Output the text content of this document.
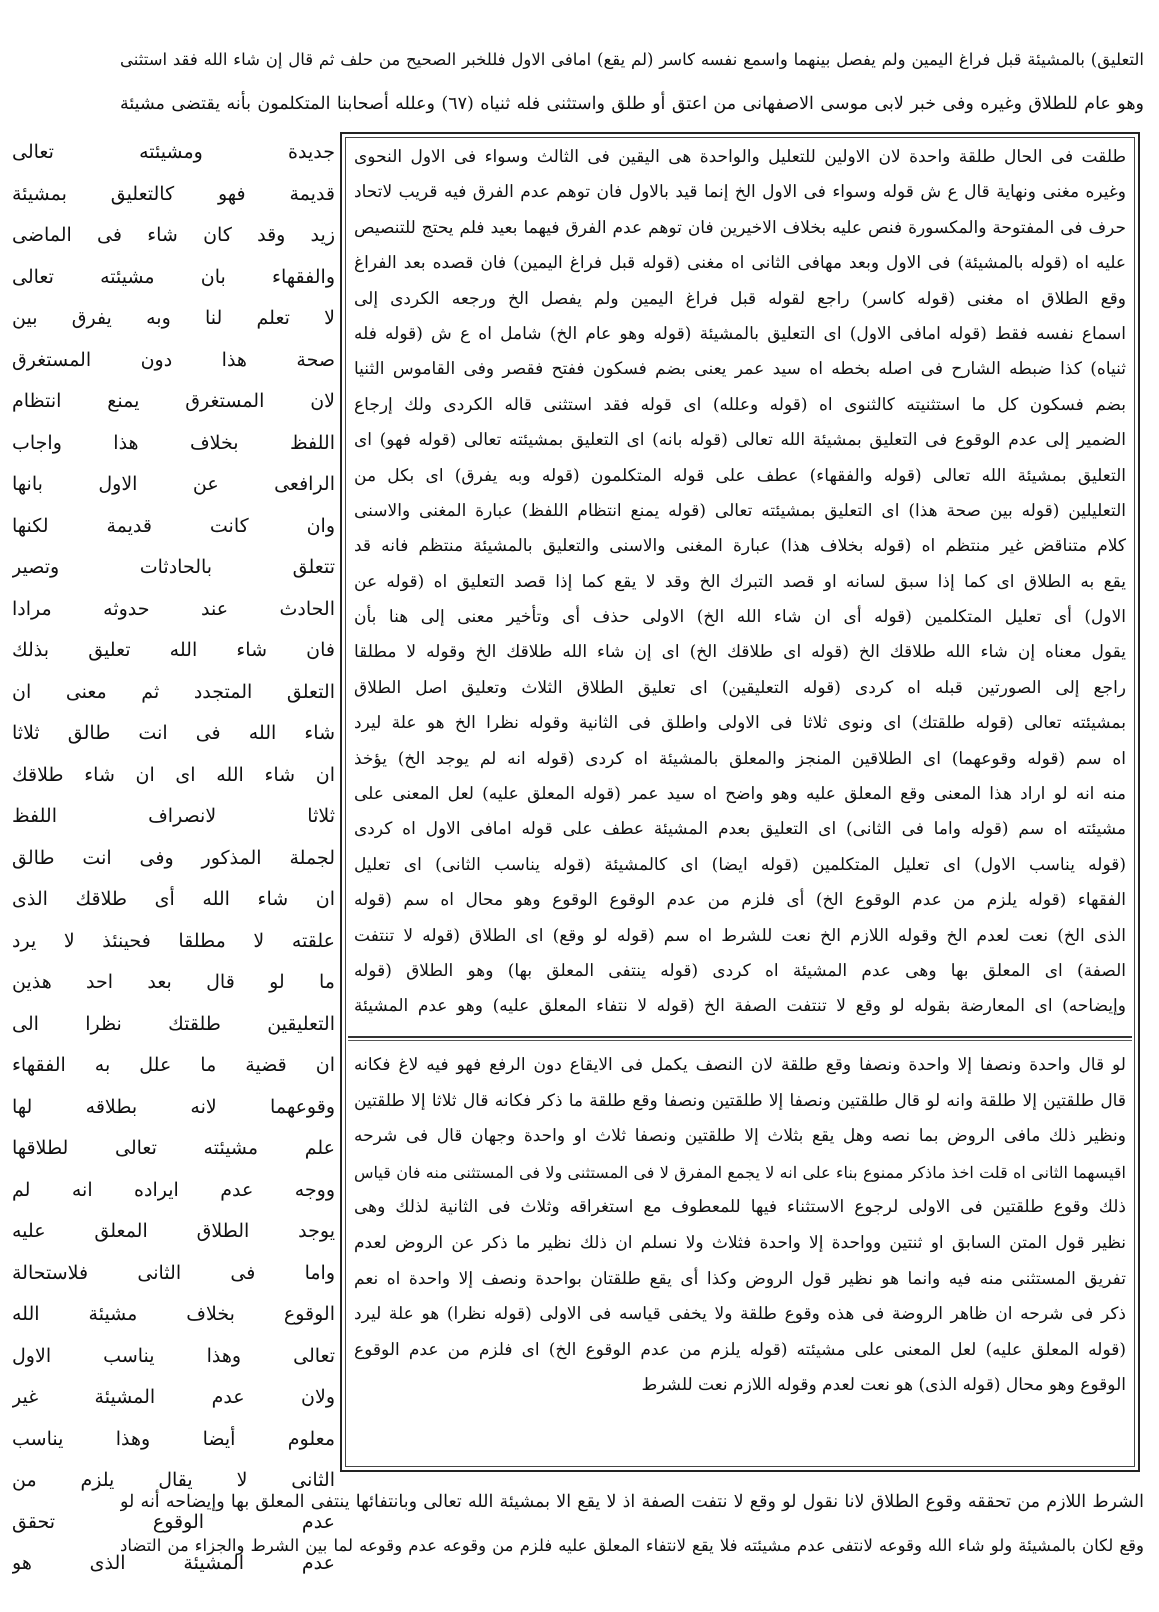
التعليق) بالمشيئة قبل فراغ اليمين ولم يفصل بينهما واسمع نفسه كاسر (لم يقع) امافى الاول فللخبر الصحيح من حلف ثم قال إن شاء الله فقد استثنى
وهو عام للطلاق وغيره وفى خبر لابى موسى الاصفهانى من اعتق أو طلق واستثنى فله ثنياه (٦٧) وعلله أصحابنا المتكلمون بأنه يقتضى مشيئة
جديدة ومشيئته تعالى
قديمة فهو كالتعليق بمشيئة
زيد وقد كان شاء فى الماضى
والفقهاء بان مشيئته تعالى
لا تعلم لنا وبه يفرق بين
صحة هذا دون المستغرق
لان المستغرق يمنع انتظام
اللفظ بخلاف هذا واجاب
الرافعى عن الاول بانها
وان كانت قديمة لكنها
تتعلق بالحادثات وتصير
الحادث عند حدوثه مرادا
فان شاء الله تعليق بذلك
التعلق المتجدد ثم معنى ان
شاء الله فى انت طالق ثلاثا
ان شاء الله اى ان شاء طلاقك
ثلاثا لانصراف اللفظ
لجملة المذكور وفى انت طالق
ان شاء الله أى طلاقك الذى
علقته لا مطلقا فحينئذ لا يرد
ما لو قال بعد احد هذين
التعليقين طلقتك نظرا الى
ان قضية ما علل به الفقهاء
وقوعهما لانه بطلاقه لها
علم مشيئته تعالى لطلاقها
ووجه عدم ايراده انه لم
يوجد الطلاق المعلق عليه
واما فى الثانى فلاستحالة
الوقوع بخلاف مشيئة الله
تعالى وهذا يناسب الاول
ولان عدم المشيئة غير
معلوم أيضا وهذا يناسب
الثانى لا يقال يلزم من
عدم الوقوع تحقق
عدم المشيئة الذى هو
طلقت فى الحال طلقة واحدة لان الاولين للتعليل والواحدة هى اليقين فى الثالث وسواء فى الاول النحوى
وغيره مغنى ونهاية قال ع ش قوله وسواء فى الاول الخ إنما قيد بالاول فان توهم عدم الفرق فيه قريب لاتحاد
حرف فى المفتوحة والمكسورة فنص عليه بخلاف الاخيرين فان توهم عدم الفرق فيهما بعيد فلم يحتج للتنصيص
عليه اه (قوله بالمشيئة) فى الاول وبعد مهافى الثانى اه مغنى (قوله قبل فراغ اليمين) فان قصده بعد الفراغ
وقع الطلاق اه مغنى (قوله كاسر) راجع لقوله قبل فراغ اليمين ولم يفصل الخ ورجعه الكردى إلى
اسماع نفسه فقط (قوله امافى الاول) اى التعليق بالمشيئة (قوله وهو عام الخ) شامل اه ع ش (قوله فله
ثنياه) كذا ضبطه الشارح فى اصله بخطه اه سيد عمر يعنى بضم فسكون ففتح فقصر وفى القاموس الثنيا
بضم فسكون كل ما استثنيته كالثنوى اه (قوله وعلله) اى قوله فقد استثنى قاله الكردى ولك إرجاع
الضمير إلى عدم الوقوع فى التعليق بمشيئة الله تعالى (قوله بانه) اى التعليق بمشيئته تعالى (قوله فهو) اى
التعليق بمشيئة الله تعالى (قوله والفقهاء) عطف على قوله المتكلمون (قوله وبه يفرق) اى بكل من
التعليلين (قوله بين صحة هذا) اى التعليق بمشيئته تعالى (قوله يمنع انتظام اللفظ) عبارة المغنى والاسنى
كلام متناقض غير منتظم اه (قوله بخلاف هذا) عبارة المغنى والاسنى والتعليق بالمشيئة منتظم فانه قد
يقع به الطلاق اى كما إذا سبق لسانه او قصد التبرك الخ وقد لا يقع كما إذا قصد التعليق اه (قوله عن
الاول) أى تعليل المتكلمين (قوله أى ان شاء الله الخ) الاولى حذف أى وتأخير معنى إلى هنا بأن
يقول معناه إن شاء الله طلاقك الخ (قوله اى طلاقك الخ) اى إن شاء الله طلاقك الخ وقوله لا مطلقا
راجع إلى الصورتين قبله اه كردى (قوله التعليقين) اى تعليق الطلاق الثلاث وتعليق اصل الطلاق
بمشيئته تعالى (قوله طلقتك) اى ونوى ثلاثا فى الاولى واطلق فى الثانية وقوله نظرا الخ هو علة ليرد
اه سم (قوله وقوعهما) اى الطلاقين المنجز والمعلق بالمشيئة اه كردى (قوله انه لم يوجد الخ) يؤخذ
منه انه لو اراد هذا المعنى وقع المعلق عليه وهو واضح اه سيد عمر (قوله المعلق عليه) لعل المعنى على
مشيئته اه سم (قوله واما فى الثانى) اى التعليق بعدم المشيئة عطف على قوله امافى الاول اه كردى
(قوله يناسب الاول) اى تعليل المتكلمين (قوله ايضا) اى كالمشيئة (قوله يناسب الثانى) اى تعليل
الفقهاء (قوله يلزم من عدم الوقوع الخ) أى فلزم من عدم الوقوع الوقوع وهو محال اه سم (قوله
الذى الخ) نعت لعدم الخ وقوله اللازم الخ نعت للشرط اه سم (قوله لو وقع) اى الطلاق (قوله لا تنتفت
الصفة) اى المعلق بها وهى عدم المشيئة اه كردى (قوله ينتفى المعلق بها) وهو الطلاق (قوله
وإيضاحه) اى المعارضة بقوله لو وقع لا تنتفت الصفة الخ (قوله لا نتفاء المعلق عليه) وهو عدم المشيئة
لو قال واحدة ونصفا إلا واحدة ونصفا وقع طلقة لان النصف يكمل فى الايقاع دون الرفع فهو فيه لاغ فكانه
قال طلقتين إلا طلقة وانه لو قال طلقتين ونصفا إلا طلقتين ونصفا وقع طلقة ما ذكر فكانه قال ثلاثا إلا طلقتين
ونظير ذلك مافى الروض بما نصه وهل يقع بثلاث إلا طلقتين ونصفا ثلاث او واحدة وجهان قال فى شرحه
اقيسهما الثانى اه قلت اخذ ماذكر ممنوع بناء على انه لا يجمع المفرق لا فى المستثنى ولا فى المستثنى منه فان قياس
ذلك وقوع طلقتين فى الاولى لرجوع الاستثناء فيها للمعطوف مع استغراقه وثلاث فى الثانية لذلك وهى
نظير قول المتن السابق او ثنتين وواحدة إلا واحدة فثلاث ولا نسلم ان ذلك نظير ما ذكر عن الروض لعدم
تفريق المستثنى منه فيه وانما هو نظير قول الروض وكذا أى يقع طلقتان بواحدة ونصف إلا واحدة اه نعم
ذكر فى شرحه ان ظاهر الروضة فى هذه وقوع طلقة ولا يخفى قياسه فى الاولى (قوله نظرا) هو علة ليرد
(قوله المعلق عليه) لعل المعنى على مشيئته (قوله يلزم من عدم الوقوع الخ) اى فلزم من عدم الوقوع
الوقوع وهو محال (قوله الذى) هو نعت لعدم وقوله اللازم نعت للشرط
الشرط اللازم من تحققه وقوع الطلاق لانا نقول لو وقع لا نتفت الصفة اذ لا يقع الا بمشيئة الله تعالى وبانتفائها ينتفى المعلق بها وإيضاحه أنه لو
وقع لكان بالمشيئة ولو شاء الله وقوعه لانتفى عدم مشيئته فلا يقع لانتفاء المعلق عليه فلزم من وقوعه عدم وقوعه لما بين الشرط والجزاء من التضاد
